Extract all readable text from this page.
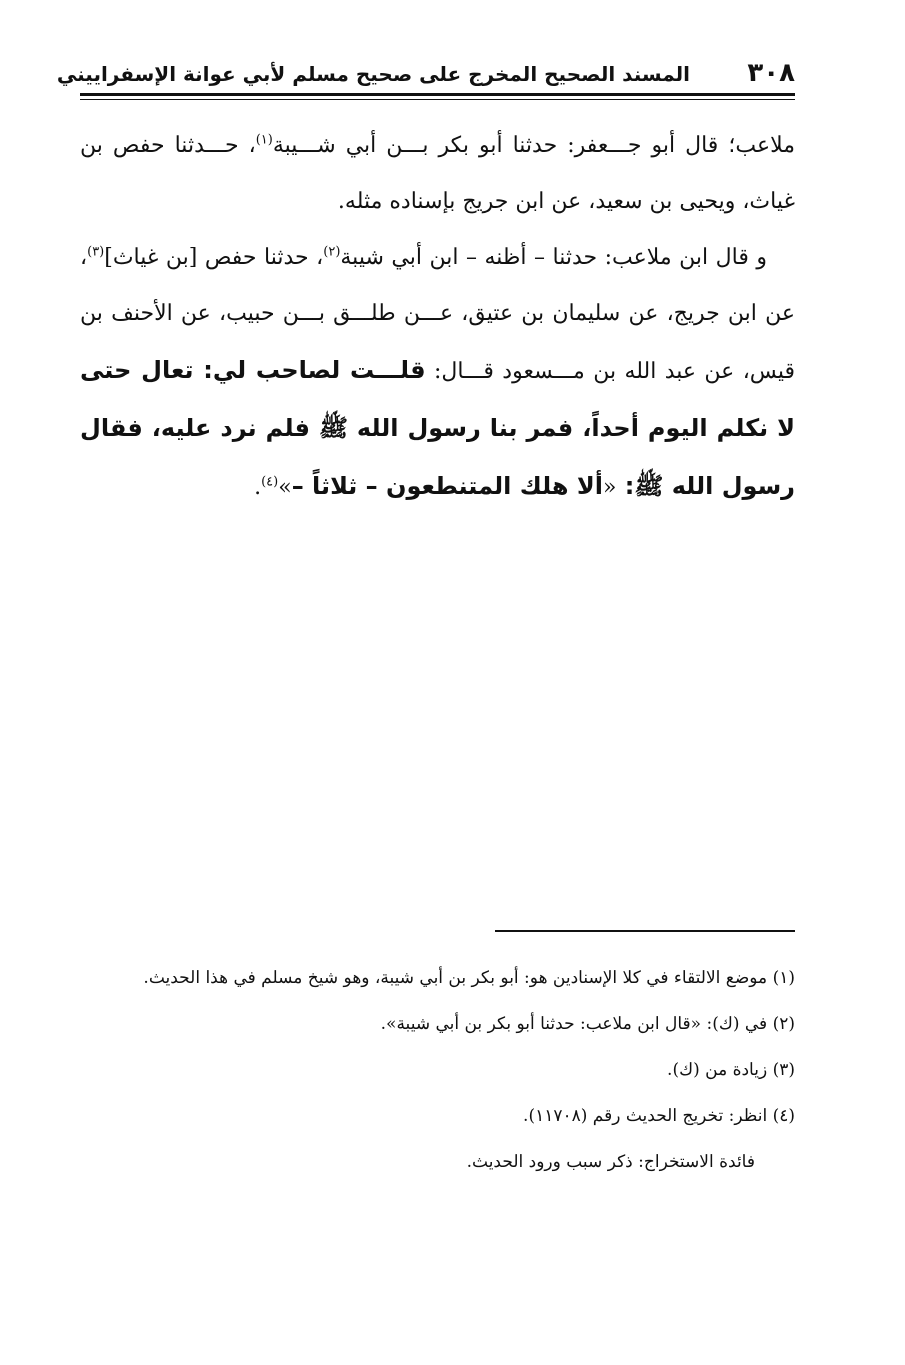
٣٠٨
المسند الصحيح المخرج على صحيح مسلم لأبي عوانة الإسفراييني

ملاعب؛ قال أبو جـــعفر: حدثنا أبو بكر بـــن أبي شـــيبة$^{(١)}$، حـــدثنا حفص بن غياث، ويحيى بن سعيد، عن ابن جريج بإسناده مثله.

و قال ابن ملاعب: حدثنا – أظنه – ابن أبي شيبة$^{(٢)}$، حدثنا حفص [بن غياث]$^{(٣)}$، عن ابن جريج، عن سليمان بن عتيق، عـــن طلـــق بـــن حبيب، عن الأحنف بن قيس، عن عبد الله بن مـــسعود قـــال: قلـــت لصاحب لي: تعال حتى لا نكلم اليوم أحداً، فمر بنا رسول الله ﷺ فلم نرد عليه، فقال رسول الله ﷺ: «ألا هلك المتنطعون – ثلاثاً –»$^{(٤)}$.

(١) موضع الالتقاء في كلا الإسنادين هو: أبو بكر بن أبي شيبة، وهو شيخ مسلم في هذا الحديث.

(٢) في (ك): «قال ابن ملاعب: حدثنا أبو بكر بن أبي شيبة».

(٣) زيادة من (ك).

(٤) انظر: تخريج الحديث رقم (١١٧٠٨).

فائدة الاستخراج: ذكر سبب ورود الحديث.
